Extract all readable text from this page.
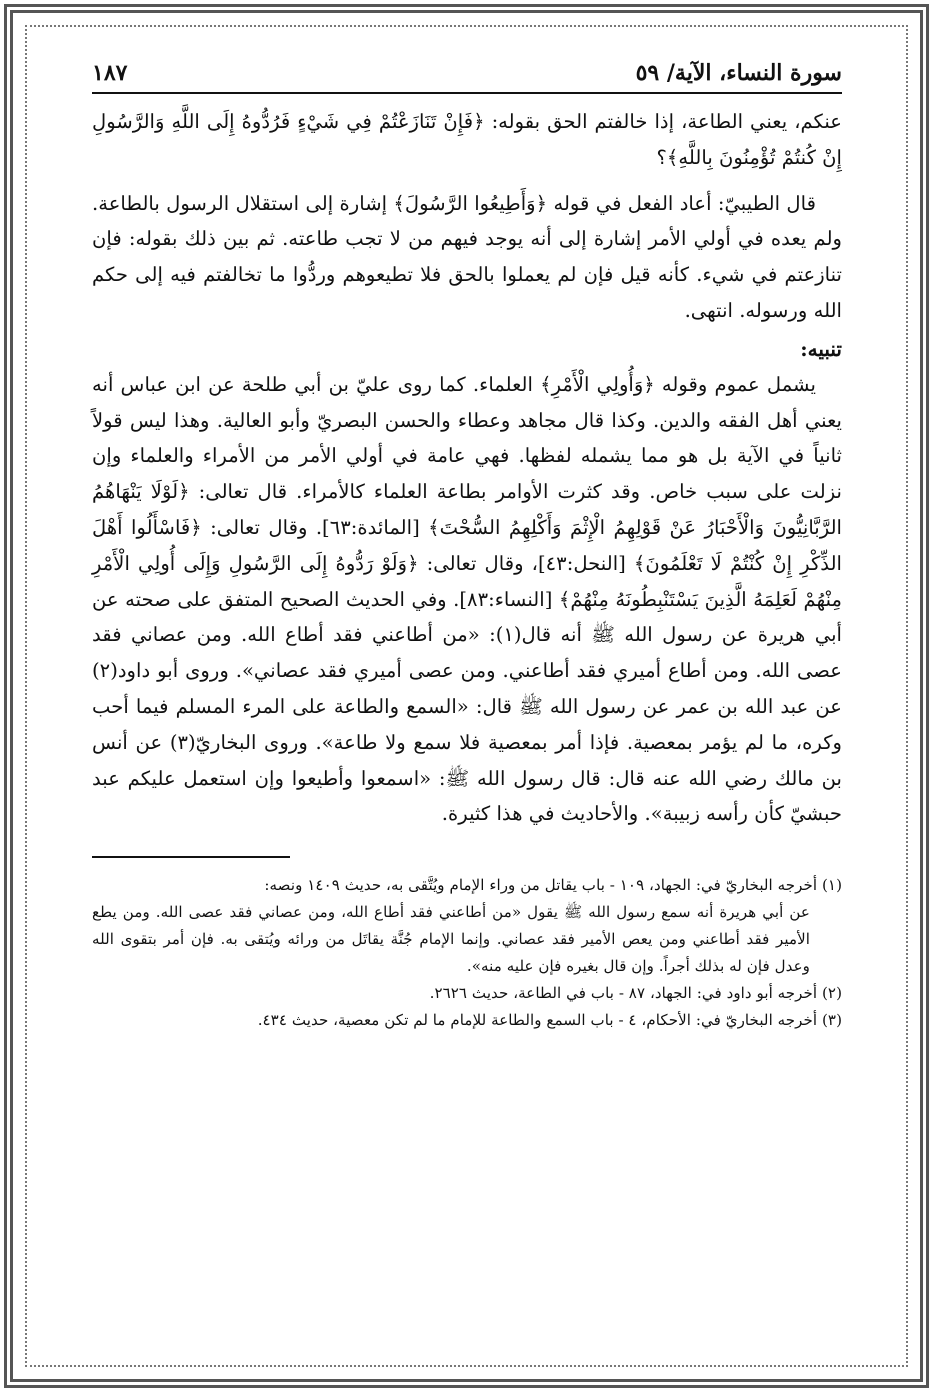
سورة النساء، الآية/ ٥٩
١٨٧

عنكم، يعني الطاعة، إذا خالفتم الحق بقوله: ﴿فَإِنْ تَنَازَعْتُمْ فِي شَيْءٍ فَرُدُّوهُ إِلَى اللَّهِ وَالرَّسُولِ إِنْ كُنتُمْ تُؤْمِنُونَ بِاللَّهِ﴾؟

قال الطيبيّ: أعاد الفعل في قوله ﴿وَأَطِيعُوا الرَّسُولَ﴾ إشارة إلى استقلال الرسول بالطاعة. ولم يعده في أولي الأمر إشارة إلى أنه يوجد فيهم من لا تجب طاعته. ثم بين ذلك بقوله: فإن تنازعتم في شيء. كأنه قيل فإن لم يعملوا بالحق فلا تطيعوهم وردُّوا ما تخالفتم فيه إلى حكم الله ورسوله. انتهى.

تنبيه:

يشمل عموم وقوله ﴿وَأُولِي الْأَمْرِ﴾ العلماء. كما روى عليّ بن أبي طلحة عن ابن عباس أنه يعني أهل الفقه والدين. وكذا قال مجاهد وعطاء والحسن البصريّ وأبو العالية. وهذا ليس قولاً ثانياً في الآية بل هو مما يشمله لفظها. فهي عامة في أولي الأمر من الأمراء والعلماء وإن نزلت على سبب خاص. وقد كثرت الأوامر بطاعة العلماء كالأمراء. قال تعالى: ﴿لَوْلَا يَنْهَاهُمُ الرَّبَّانِيُّونَ وَالْأَحْبَارُ عَنْ قَوْلِهِمُ الْإِثْمَ وَأَكْلِهِمُ السُّحْتَ﴾ [المائدة:٦٣]. وقال تعالى: ﴿فَاسْأَلُوا أَهْلَ الذِّكْرِ إِنْ كُنْتُمْ لَا تَعْلَمُونَ﴾ [النحل:٤٣]، وقال تعالى: ﴿وَلَوْ رَدُّوهُ إِلَى الرَّسُولِ وَإِلَى أُولِي الْأَمْرِ مِنْهُمْ لَعَلِمَهُ الَّذِينَ يَسْتَنْبِطُونَهُ مِنْهُمْ﴾ [النساء:٨٣]. وفي الحديث الصحيح المتفق على صحته عن أبي هريرة عن رسول الله ﷺ أنه قال(١): «من أطاعني فقد أطاع الله. ومن عصاني فقد عصى الله. ومن أطاع أميري فقد أطاعني. ومن عصى أميري فقد عصاني». وروى أبو داود(٢) عن عبد الله بن عمر عن رسول الله ﷺ قال: «السمع والطاعة على المرء المسلم فيما أحب وكره، ما لم يؤمر بمعصية. فإذا أمر بمعصية فلا سمع ولا طاعة». وروى البخاريّ(٣) عن أنس بن مالك رضي الله عنه قال: قال رسول الله ﷺ: «اسمعوا وأطيعوا وإن استعمل عليكم عبد حبشيّ كأن رأسه زبيبة». والأحاديث في هذا كثيرة.

(١) أخرجه البخاريّ في: الجهاد، ١٠٩ - باب يقاتل من وراء الإمام ويُتَّقى به، حديث ١٤٠٩ ونصه:

عن أبي هريرة أنه سمع رسول الله ﷺ يقول «من أطاعني فقد أطاع الله، ومن عصاني فقد عصى الله. ومن يطع الأمير فقد أطاعني ومن يعص الأمير فقد عصاني. وإنما الإمام جُنَّة يقاتَل من ورائه ويُتقى به. فإن أمر بتقوى الله وعدل فإن له بذلك أجراً. وإن قال بغيره فإن عليه منه».

(٢) أخرجه أبو داود في: الجهاد، ٨٧ - باب في الطاعة، حديث ٢٦٢٦.

(٣) أخرجه البخاريّ في: الأحكام، ٤ - باب السمع والطاعة للإمام ما لم تكن معصية، حديث ٤٣٤.
